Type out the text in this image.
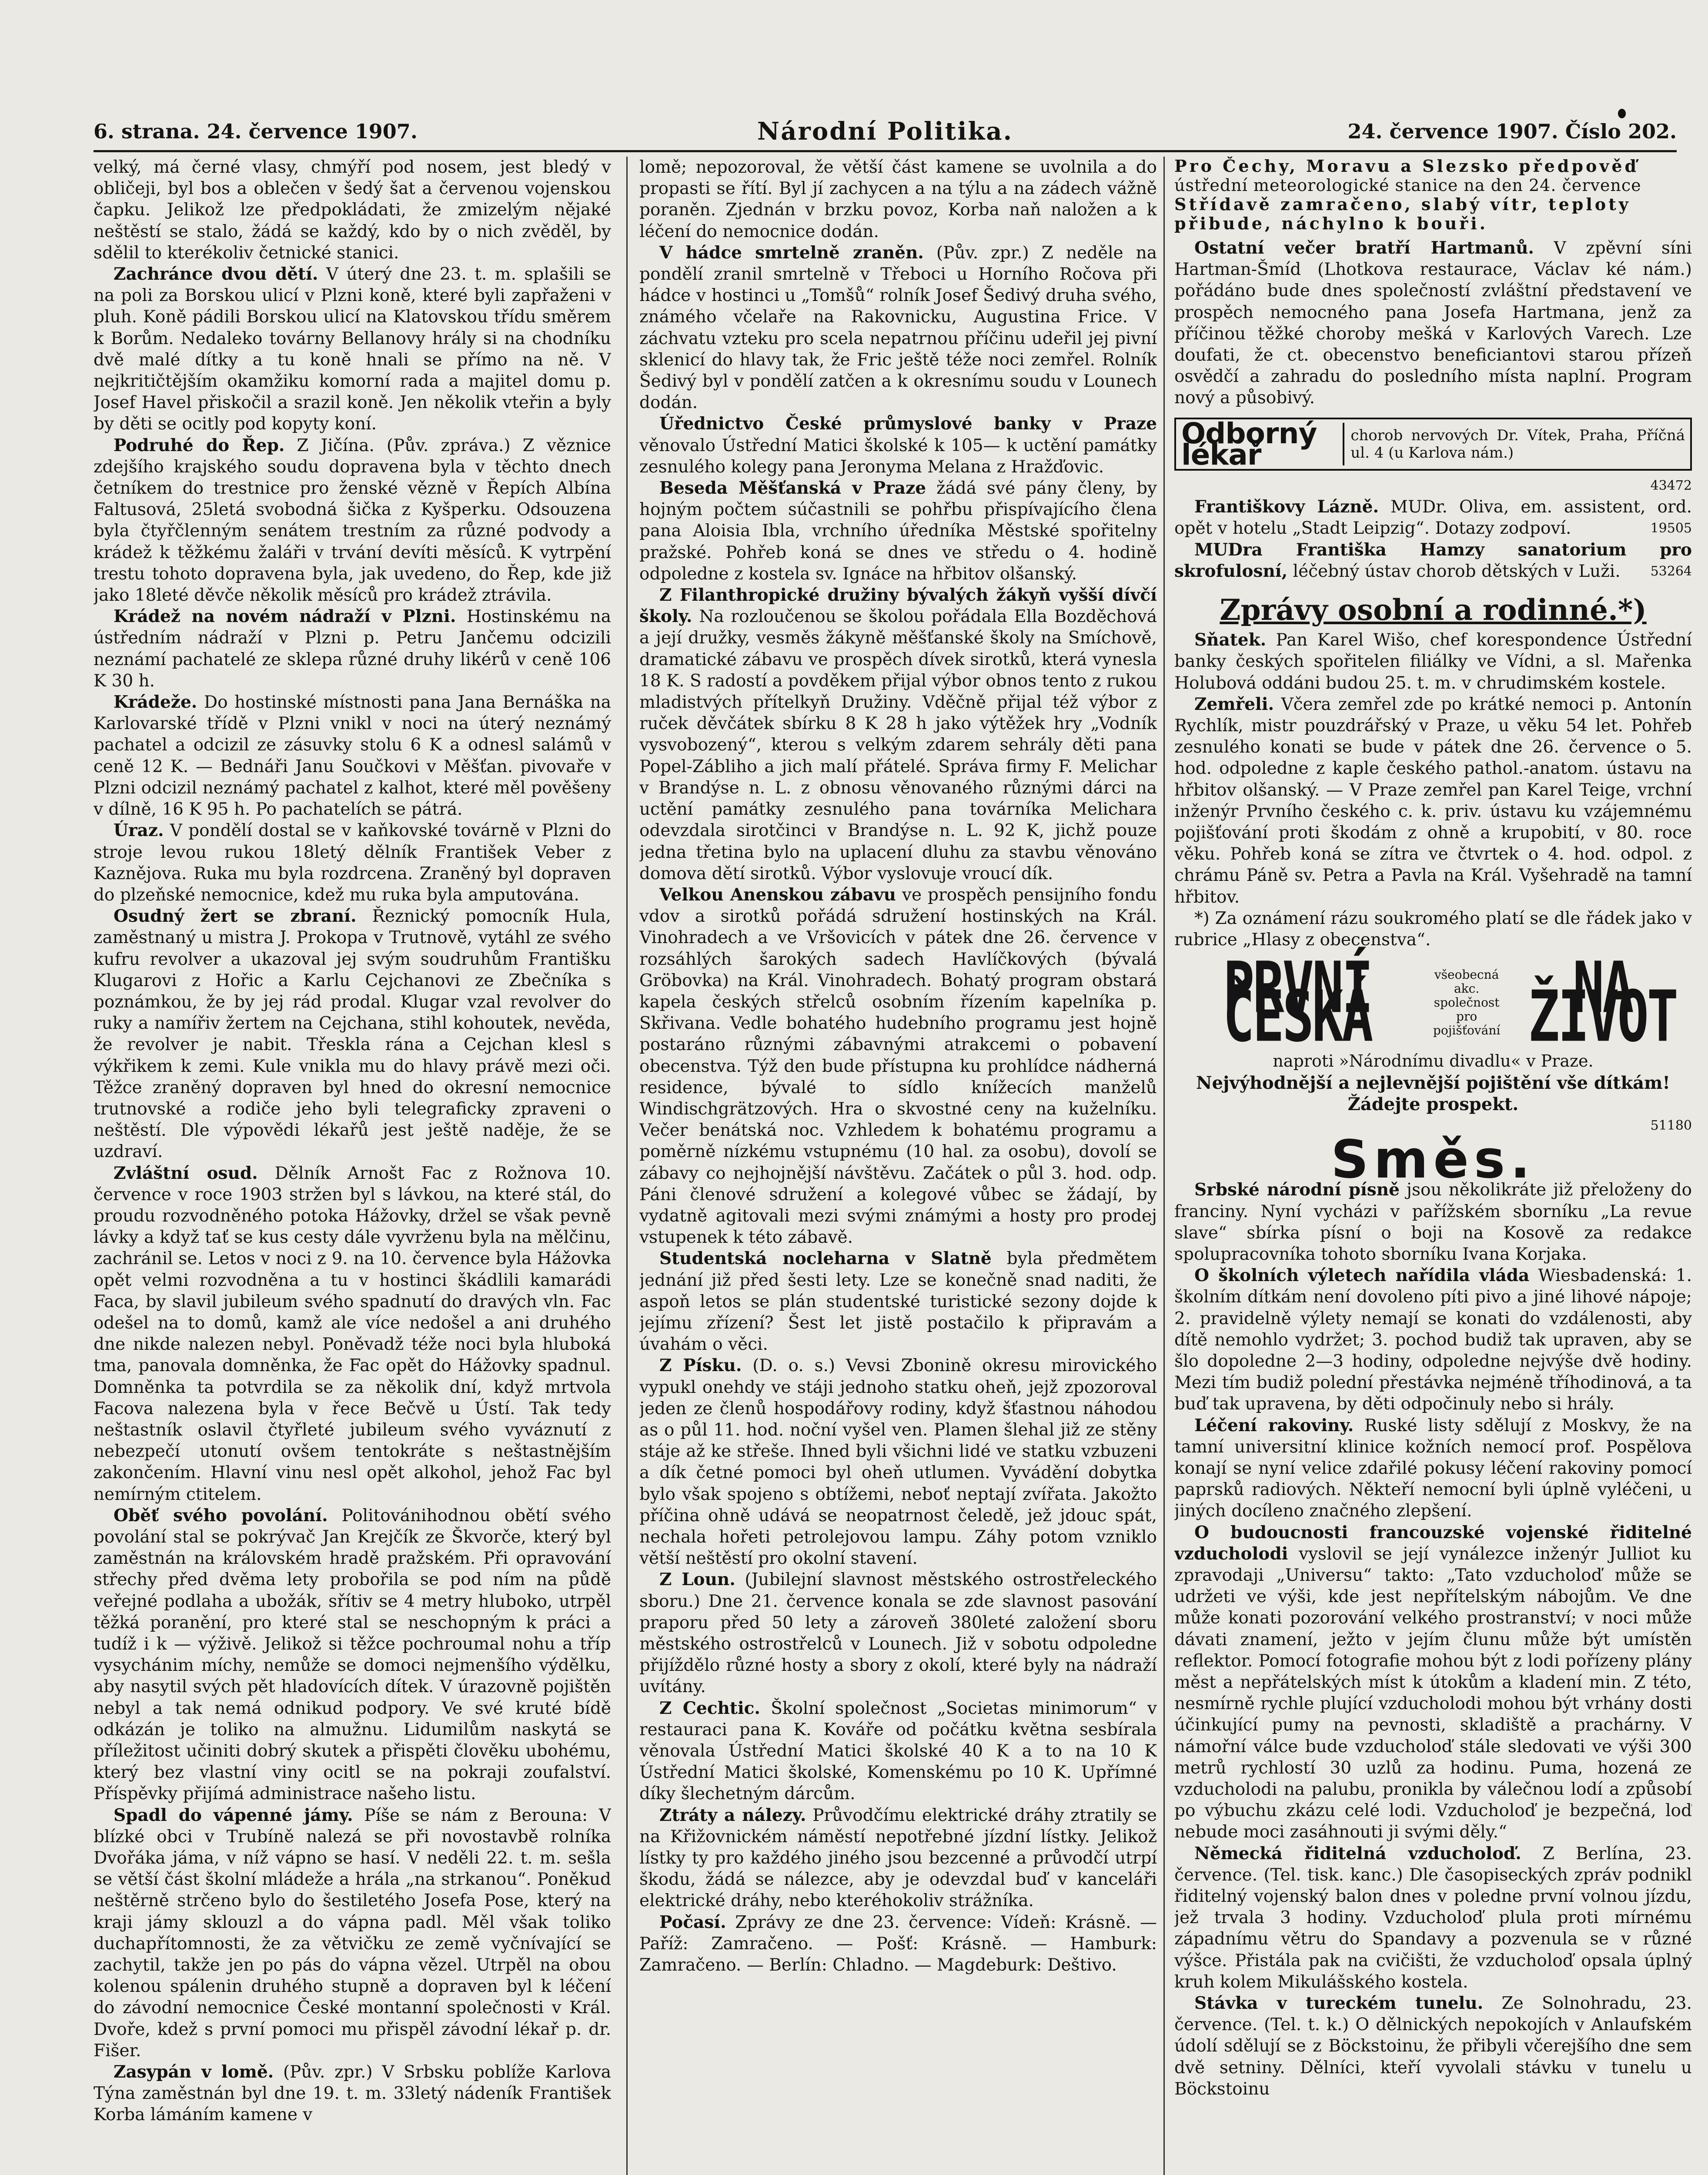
6. strana. 24. července 1907.	Národní Politika.	24. července 1907. Číslo 202.

velký, má černé vlasy, chmýří pod nosem, jest bledý v obličeji, byl bos a oblečen v šedý šat a červenou vojenskou čapku. Jelikož lze předpokládati, že zmizelým nějaké neštěstí se stalo, žádá se každý, kdo by o nich zvěděl, by sdělil to kterékoliv četnické stanici.

Zachránce dvou dětí. V úterý dne 23. t. m. splašili se na poli za Borskou ulicí v Plzni koně, které byli zapřaženi v pluh. Koně pádili Borskou ulicí na Klatovskou třídu směrem k Borům. Nedaleko továrny Bellanovy hrály si na chodníku dvě malé dítky a tu koně hnali se přímo na ně. V nejkritičtějším okamžiku komorní rada a majitel domu p. Josef Havel přiskočil a srazil koně. Jen několik vteřin a byly by děti se ocitly pod kopyty koní.

Podruhé do Řep. Z Jičína. (Pův. zpráva.) Z věznice zdejšího krajského soudu dopravena byla v těchto dnech četníkem do trestnice pro ženské vězně v Řepích Albína Faltusová, 25letá svobodná šička z Kyšperku. Odsouzena byla čtyřčlenným senátem trestním za různé podvody a krádež k těžkému žaláři v trvání devíti měsíců. K vytrpění trestu tohoto dopravena byla, jak uvedeno, do Řep, kde již jako 18leté děvče několik měsíců pro krádež ztrávila.

Krádež na novém nádraží v Plzni. Hostinskému na ústředním nádraží v Plzni p. Petru Jančemu odcizili neznámí pachatelé ze sklepa různé druhy likérů v ceně 106 K 30 h.

Krádeže. Do hostinské místnosti pana Jana Bernáška na Karlovarské třídě v Plzni vnikl v noci na úterý neznámý pachatel a odcizil ze zásuvky stolu 6 K a odnesl salámů v ceně 12 K. — Bednáři Janu Součkovi v Měšťan. pivovaře v Plzni odcizil neznámý pachatel z kalhot, které měl pověšeny v dílně, 16 K 95 h. Po pachatelích se pátrá.

Úraz. V pondělí dostal se v kaňkovské továrně v Plzni do stroje levou rukou 18letý dělník František Veber z Kaznějova. Ruka mu byla rozdrcena. Zraněný byl dopraven do plzeňské nemocnice, kdež mu ruka byla amputována.

Osudný žert se zbraní. Řeznický pomocník Hula, zaměstnaný u mistra J. Prokopa v Trutnově, vytáhl ze svého kufru revolver a ukazoval jej svým soudruhům Františku Klugarovi z Hořic a Karlu Cejchanovi ze Zbečníka s poznámkou, že by jej rád prodal. Klugar vzal revolver do ruky a namířiv žertem na Cejchana, stihl kohoutek, nevěda, že revolver je nabit. Třeskla rána a Cejchan klesl s výkřikem k zemi. Kule vnikla mu do hlavy právě mezi oči. Těžce zraněný dopraven byl hned do okresní nemocnice trutnovské a rodiče jeho byli telegraficky zpraveni o neštěstí. Dle výpovědi lékařů jest ještě naděje, že se uzdraví.

Zvláštní osud. Dělník Arnošt Fac z Rožnova 10. července v roce 1903 stržen byl s lávkou, na které stál, do proudu rozvodněného potoka Hážovky, držel se však pevně lávky a když tať se kus cesty dále vyvrženu byla na mělčinu, zachránil se. Letos v noci z 9. na 10. července byla Hážovka opět velmi rozvodněna a tu v hostinci škádlili kamarádi Faca, by slavil jubileum svého spadnutí do dravých vln. Fac odešel na to domů, kamž ale více nedošel a ani druhého dne nikde nalezen nebyl. Poněvadž téže noci byla hluboká tma, panovala domněnka, že Fac opět do Hážovky spadnul. Domněnka ta potvrdila se za několik dní, když mrtvola Facova nalezena byla v řece Bečvě u Ústí. Tak tedy neštastník oslavil čtyřleté jubileum svého vyváznutí z nebezpečí utonutí ovšem tentokráte s neštastnějším zakončením. Hlavní vinu nesl opět alkohol, jehož Fac byl nemírným ctitelem.

Oběť svého povolání. Politovánihodnou obětí svého povolání stal se pokrývač Jan Krejčík ze Škvorče, který byl zaměstnán na královském hradě pražském. Při opravování střechy před dvěma lety probořila se pod ním na půdě veřejné podlaha a ubožák, sřítiv se 4 metry hluboko, utrpěl těžká poranění, pro které stal se neschopným k práci a tudíž i k — výživě. Jelikož si těžce pochroumal nohu a tříp vysychánim míchy, nemůže se domoci nejmenšího výdělku, aby nasytil svých pět hladovících dítek. V úrazovně pojištěn nebyl a tak nemá odnikud podpory. Ve své kruté bídě odkázán je toliko na almužnu. Lidumilům naskytá se příležitost učiniti dobrý skutek a přispěti člověku ubohému, který bez vlastní viny ocitl se na pokraji zoufalství. Příspěvky přijímá administrace našeho listu.

Spadl do vápenné jámy. Píše se nám z Berouna: V blízké obci v Trubíně nalezá se při novostavbě rolníka Dvořáka jáma, v níž vápno se hasí. V neděli 22. t. m. sešla se větší část školní mládeže a hrála „na strkanou“. Poněkud neštěrně strčeno bylo do šestiletého Josefa Pose, který na kraji jámy sklouzl a do vápna padl. Měl však toliko duchapřítomnosti, že za větvičku ze země vyčnívající se zachytil, takže jen po pás do vápna vězel. Utrpěl na obou kolenou spálenin druhého stupně a dopraven byl k léčení do závodní nemocnice České montanní společnosti v Král. Dvoře, kdež s první pomoci mu přispěl závodní lékař p. dr. Fišer.

Zasypán v lomě. (Pův. zpr.) V Srbsku poblíže Karlova Týna zaměstnán byl dne 19. t. m. 33letý nádeník František Korba lámáním kamene v

lomě; nepozoroval, že větší část kamene se uvolnila a do propasti se řítí. Byl jí zachycen a na týlu a na zádech vážně poraněn. Zjednán v brzku povoz, Korba naň naložen a k léčení do nemocnice dodán.

V hádce smrtelně zraněn. (Pův. zpr.) Z neděle na pondělí zranil smrtelně v Třeboci u Horního Ročova při hádce v hostinci u „Tomšů“ rolník Josef Šedivý druha svého, známého včelaře na Rakovnicku, Augustina Frice. V záchvatu vzteku pro scela nepatrnou příčinu udeřil jej pivní sklenicí do hlavy tak, že Fric ještě téže noci zemřel. Rolník Šedivý byl v pondělí zatčen a k okresnímu soudu v Lounech dodán.

Úřednictvo České průmyslové banky v Praze věnovalo Ústřední Matici školské k 105— k uctění památky zesnulého kolegy pana Jeronyma Melana z Hražďovic.

Beseda Měšťanská v Praze žádá své pány členy, by hojným počtem súčastnili se pohřbu přispívajícího člena pana Aloisia Ibla, vrchního úředníka Městské spořitelny pražské. Pohřeb koná se dnes ve středu o 4. hodině odpoledne z kostela sv. Ignáce na hřbitov olšanský.

Z Filanthropické družiny bývalých žákyň vyšší dívčí školy. Na rozloučenou se školou pořádala Ella Bozděchová a její družky, vesměs žákyně měšťanské školy na Smíchově, dramatické zábavu ve prospěch dívek sirotků, která vynesla 18 K. S radostí a povděkem přijal výbor obnos tento z rukou mladistvých přítelkyň Družiny. Vděčně přijal též výbor z ruček děvčátek sbírku 8 K 28 h jako výtěžek hry „Vodník vysvobozený“, kterou s velkým zdarem sehrály děti pana Popel-Zábliho a jich malí přátelé. Správa firmy F. Melichar v Brandýse n. L. z obnosu věnovaného různými dárci na uctění památky zesnulého pana továrníka Melichara odevzdala sirotčinci v Brandýse n. L. 92 K, jichž pouze jedna třetina bylo na uplacení dluhu za stavbu věnováno domova dětí sirotků. Výbor vyslovuje vroucí dík.

Velkou Anenskou zábavu ve prospěch pensijního fondu vdov a sirotků pořádá sdružení hostinských na Král. Vinohradech a ve Vršovicích v pátek dne 26. července v rozsáhlých šarokých sadech Havlíčkových (bývalá Gröbovka) na Král. Vinohradech. Bohatý program obstará kapela českých střelců osobním řízením kapelníka p. Skřivana. Vedle bohatého hudebního programu jest hojně postaráno různými zábavnými atrakcemi o pobavení obecenstva. Týž den bude přístupna ku prohlídce nádherná residence, bývalé to sídlo knížecích manželů Windischgrätzových. Hra o skvostné ceny na kuželníku. Večer benátská noc. Vzhledem k bohatému programu a poměrně nízkému vstupnému (10 hal. za osobu), dovolí se zábavy co nejhojnější návštěvu. Začátek o půl 3. hod. odp. Páni členové sdružení a kolegové vůbec se žádají, by vydatně agitovali mezi svými známými a hosty pro prodej vstupenek k této zábavě.

Studentská nocleharna v Slatně byla předmětem jednání již před šesti lety. Lze se konečně snad naditi, že aspoň letos se plán studentské turistické sezony dojde k jejímu zřízení? Šest let jistě postačilo k připravám a úvahám o věci.

Z Písku. (D. o. s.) Vevsi Zbonině okresu mirovického vypukl onehdy ve stáji jednoho statku oheň, jejž zpozoroval jeden ze členů hospodářovy rodiny, když šťastnou náhodou as o půl 11. hod. noční vyšel ven. Plamen šlehal již ze stěny stáje až ke střeše. Ihned byli všichni lidé ve statku vzbuzeni a dík četné pomoci byl oheň utlumen. Vyvádění dobytka bylo však spojeno s obtížemi, neboť neptají zvířata. Jakožto příčina ohně udává se neopatrnost čeledě, jež jdouc spát, nechala hořeti petrolejovou lampu. Záhy potom vzniklo větší neštěstí pro okolní stavení.

Z Loun. (Jubilejní slavnost městského ostrostřeleckého sboru.) Dne 21. července konala se zde slavnost pasování praporu před 50 lety a zároveň 380leté založení sboru městského ostrostřelců v Lounech. Již v sobotu odpoledne přijíždělo různé hosty a sbory z okolí, které byly na nádraží uvítány.

Z Cechtic. Školní společnost „Societas minimorum“ v restauraci pana K. Kováře od počátku května sesbírala věnovala Ústřední Matici školské 40 K a to na 10 K Ústřední Matici školské, Komenskému po 10 K. Upřímné díky šlechetným dárcům.

Ztráty a nálezy. Průvodčímu elektrické dráhy ztratily se na Křižovnickém náměstí nepotřebné jízdní lístky. Jelikož lístky ty pro každého jiného jsou bezcenné a průvodčí utrpí škodu, žádá se nálezce, aby je odevzdal buď v kanceláři elektrické dráhy, nebo kteréhokoliv strážníka.

Počasí. Zprávy ze dne 23. července: Vídeň: Krásně. — Paříž: Zamračeno. — Pošť: Krásně. — Hamburk: Zamračeno. — Berlín: Chladno. — Magdeburk: Deštivo.

Pro Čechy, Moravu a Slezsko předpověď
ústřední meteorologické stanice na den 24. července
Střídavě zamračeno, slabý vítr, teploty
přibude, náchylno k bouři.

Ostatní večer bratří Hartmanů. V zpěvní síni Hartman-Šmíd (Lhotkova restaurace, Václav ké nám.) pořádáno bude dnes společností zvláštní představení ve prospěch nemocného pana Josefa Hartmana, jenž za příčinou těžké choroby mešká v Karlových Varech. Lze doufati, že ct. obecenstvo beneficiantovi starou přízeň osvědčí a zahradu do posledního místa naplní. Program nový a působivý.

Odborný lékař
chorob nervových Dr. Vítek, Praha, Příčná ul. 4 (u Karlova nám.)
43472

Františkovy Lázně. MUDr. Oliva, em. assistent, ord. opět v hotelu „Stadt Leipzig“. Dotazy zodpoví.	19505

MUDra Františka Hamzy sanatorium pro skrofulosní, léčebný ústav chorob dětských v Luži.	53264

Zprávy osobní a rodinné.*)

Sňatek. Pan Karel Wišo, chef korespondence Ústřední banky českých spořitelen filiálky ve Vídni, a sl. Mařenka Holubová oddáni budou 25. t. m. v chrudimském kostele.

Zemřeli. Včera zemřel zde po krátké nemoci p. Antonín Rychlík, mistr pouzdrářský v Praze, u věku 54 let. Pohřeb zesnulého konati se bude v pátek dne 26. července o 5. hod. odpoledne z kaple českého pathol.-anatom. ústavu na hřbitov olšanský. — V Praze zemřel pan Karel Teige, vrchní inženýr Prvního českého c. k. priv. ústavu ku vzájemnému pojišťování proti škodám z ohně a krupobití, v 80. roce věku. Pohřeb koná se zítra ve čtvrtek o 4. hod. odpol. z chrámu Páně sv. Petra a Pavla na Král. Vyšehradě na tamní hřbitov.

*) Za oznámení rázu soukromého platí se dle řádek jako v rubrice „Hlasy z obecenstva“.

PRVNÍ ČESKÁ
všeobecná akc. společnost pro pojišťování
NA ŽIVOT
naproti »Národnímu divadlu« v Praze.
Nejvýhodnější a nejlevnější pojištění vše dítkám! Žádejte prospekt.
51180
Směs.

Srbské národní písně jsou několikráte již přeloženy do franciny. Nyní vycházi v pařížském sborníku „La revue slave“ sbírka písní o boji na Kosově za redakce spolupracovníka tohoto sborníku Ivana Korjaka.

O školních výletech nařídila vláda Wiesbadenská: 1. školním dítkám není dovoleno píti pivo a jiné lihové nápoje; 2. pravidelně výlety nemají se konati do vzdálenosti, aby dítě nemohlo vydržet; 3. pochod budiž tak upraven, aby se šlo dopoledne 2—3 hodiny, odpoledne nejvýše dvě hodiny. Mezi tím budiž polední přestávka nejméně tříhodinová, a ta buď tak upravena, by děti odpočinuly nebo si hrály.

Léčení rakoviny. Ruské listy sdělují z Moskvy, že na tamní universitní klinice kožních nemocí prof. Pospělova konají se nyní velice zdařilé pokusy léčení rakoviny pomocí paprsků radiových. Někteří nemocní byli úplně vyléčeni, u jiných docíleno značného zlepšení.

O budoucnosti francouzské vojenské řiditelné vzducholodi vyslovil se její vynálezce inženýr Julliot ku zpravodaji „Universu“ takto: „Tato vzducholoď může se udržeti ve výši, kde jest nepřítelským nábojům. Ve dne může konati pozorování velkého prostranství; v noci může dávati znamení, ježto v jejím člunu může být umístěn reflektor. Pomocí fotografie mohou být z lodi pořízeny plány měst a nepřátelských míst k útokům a kladení min. Z této, nesmírně rychle plující vzducholodi mohou být vrhány dosti účinkující pumy na pevnosti, skladiště a prachárny. V námořní válce bude vzducholoď stále sledovati ve výši 300 metrů rychlostí 30 uzlů za hodinu. Puma, hozená ze vzducholodi na palubu, pronikla by válečnou lodí a způsobí po výbuchu zkázu celé lodi. Vzducholoď je bezpečná, loď nebude moci zasáhnouti ji svými děly.“

Německá řiditelná vzducholoď. Z Berlína, 23. července. (Tel. tisk. kanc.) Dle časopiseckých zpráv podnikl řiditelný vojenský balon dnes v poledne první volnou jízdu, jež trvala 3 hodiny. Vzducholoď plula proti mírnému západnímu větru do Spandavy a pozvenula se v různé výšce. Přistála pak na cvičišti, že vzducholoď opsala úplný kruh kolem Mikulášského kostela.

Stávka v tureckém tunelu. Ze Solnohradu, 23. července. (Tel. t. k.) O dělnických nepokojích v Anlaufském údolí sdělují se z Böckstoinu, že přibyli včerejšího dne sem dvě setniny. Dělníci, kteří vyvolali stávku v tunelu u Böckstoinu
